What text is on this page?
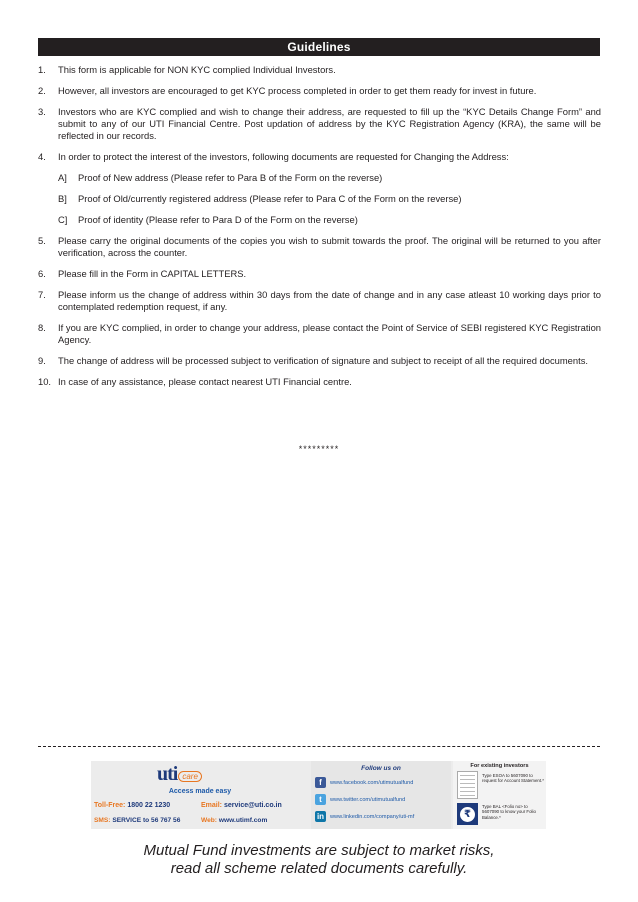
Guidelines
1. This form is applicable for NON KYC complied Individual Investors.
2. However, all investors are encouraged to get KYC process completed in order to get them ready for invest in future.
3. Investors who are KYC complied and wish to change their address, are requested to fill up the “KYC Details Change Form” and submit to any of our UTI Financial Centre. Post updation of address by the KYC Registration Agency (KRA), the same will be reflected in our records.
4. In order to protect the interest of the investors, following documents are requested for Changing the Address:
A] Proof of New address (Please refer to Para B of the Form on the reverse)
B] Proof of Old/currently registered address (Please refer to Para C of the Form on the reverse)
C] Proof of identity (Please refer to Para D of the Form on the reverse)
5. Please carry the original documents of the copies you wish to submit towards the proof. The original will be returned to you after verification, across the counter.
6. Please fill in the Form in CAPITAL LETTERS.
7. Please inform us the change of address within 30 days from the date of change and in any case atleast 10 working days prior to contemplated redemption request, if any.
8. If you are KYC complied, in order to change your address, please contact the Point of Service of SEBI registered KYC Registration Agency.
9. The change of address will be processed subject to verification of signature and subject to receipt of all the required documents.
10. In case of any assistance, please contact nearest UTI Financial centre.
*********
uti care
Access made easy
Toll-Free: 1800 22 1230	Email: service@uti.co.in
SMS: SERVICE to 56 767 56	Web: www.utimf.com
Follow us on
f	www.facebook.com/utimutualfund
t	www.twitter.com/utimutualfund
in	www.linkedin.com/company/uti-mf
For existing investors
Type ESOA to 5607090 to request for Account Statement.*
₹
Type BAL <Folio no> to 5607090 to know your Folio Balance.*
Mutual Fund investments are subject to market risks,
read all scheme related documents carefully.
